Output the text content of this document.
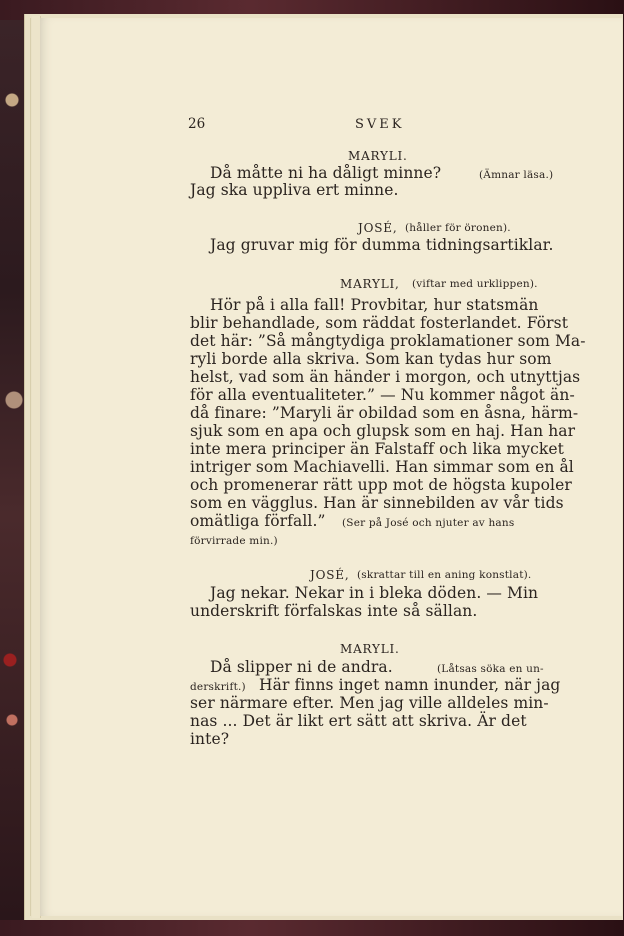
26	SVEK
MARYLI.
Då måtte ni ha dåligt minne?	(Ämnar läsa.)
Jag ska uppliva ert minne.
JOSÉ, (håller för öronen).
Jag gruvar mig för dumma tidningsartiklar.
MARYLI, (viftar med urklippen).
Hör på i alla fall! Provbitar, hur statsmän
blir behandlade, som räddat fosterlandet. Först
det här: ”Så mångtydiga proklamationer som Ma-
ryli borde alla skriva. Som kan tydas hur som
helst, vad som än händer i morgon, och utnyttjas
för alla eventualiteter.” — Nu kommer något än-
då finare: ”Maryli är obildad som en åsna, härm-
sjuk som en apa och glupsk som en haj. Han har
inte mera principer än Falstaff och lika mycket
intriger som Machiavelli. Han simmar som en ål
och promenerar rätt upp mot de högsta kupoler
som en vägglus. Han är sinnebilden av vår tids
omätliga förfall.” (Ser på José och njuter av hans
förvirrade min.)
JOSÉ, (skrattar till en aning konstlat).
Jag nekar. Nekar in i bleka döden. — Min
underskrift förfalskas inte så sällan.
MARYLI.
Då slipper ni de andra.	(Låtsas söka en un-
derskrift.) Här finns inget namn inunder, när jag
ser närmare efter. Men jag ville alldeles min-
nas ... Det är likt ert sätt att skriva. Är det
inte?
